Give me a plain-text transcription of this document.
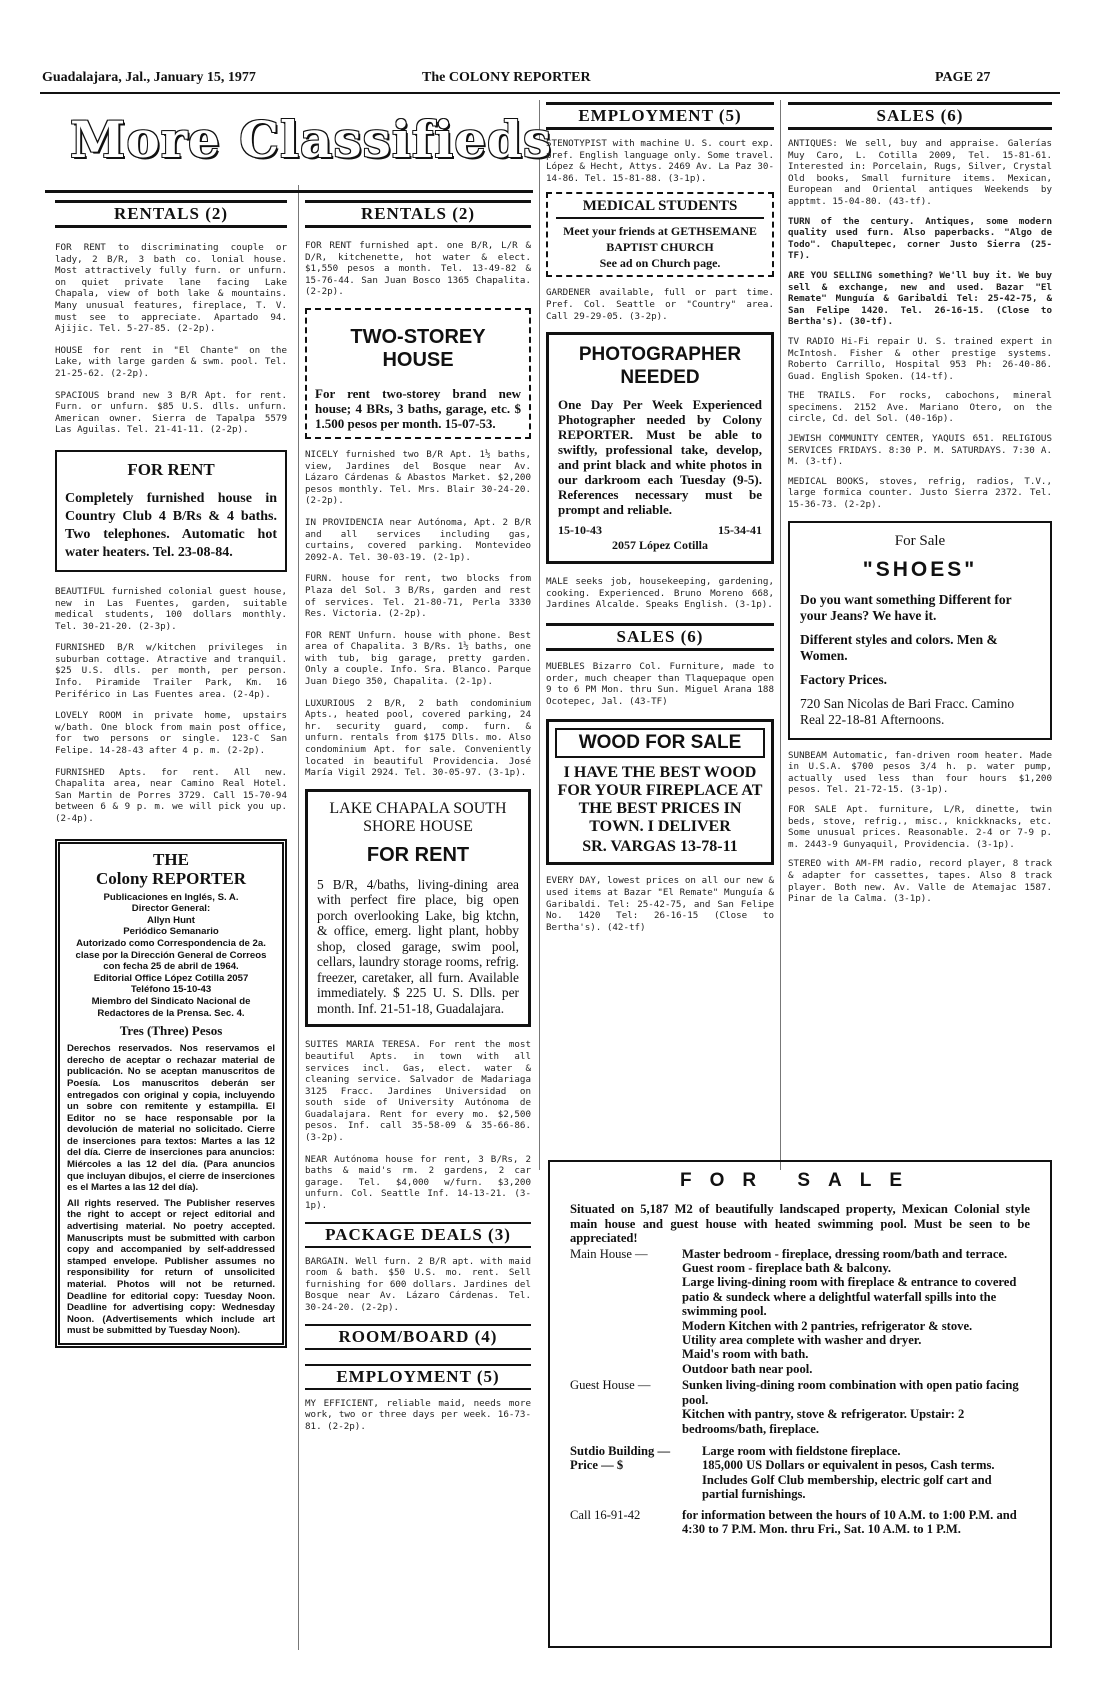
Guadalajara, Jal., January 15, 1977	The COLONY REPORTER	PAGE 27
More Classifieds
RENTALS (2)
FOR RENT to discriminating couple or lady, 2 B/R, 3 bath co. lonial house. Most attractively fully furn. or unfurn. on quiet private lane facing Lake Chapala, view of both lake & mountains. Many unusual features, fireplace, T. V. must see to appreciate. Apartado 94. Ajijic. Tel. 5-27-85. (2-2p).
HOUSE for rent in "El Chante" on the Lake, with large garden & swm. pool. Tel. 21-25-62. (2-2p).
SPACIOUS brand new 3 B/R Apt. for rent. Furn. or unfurn. $85 U.S. dlls. unfurn. American owner. Sierra de Tapalpa 5579 Las Aguilas. Tel. 21-41-11. (2-2p).
FOR RENT
Completely furnished house in Country Club 4 B/Rs & 4 baths. Two telephones. Automatic hot water heaters. Tel. 23-08-84.
BEAUTIFUL furnished colonial guest house, new in Las Fuentes, garden, suitable medical students, 100 dollars monthly. Tel. 30-21-20. (2-3p).
FURNISHED B/R w/kitchen privileges in suburban cottage. Atractive and tranquil. $25 U.S. dlls. per month, per person. Info. Piramide Trailer Park, Km. 16 Periférico in Las Fuentes area. (2-4p).
LOVELY ROOM in private home, upstairs w/bath. One block from main post office, for two persons or single. 123-C San Felipe. 14-28-43 after 4 p. m. (2-2p).
FURNISHED Apts. for rent. All new. Chapalita area, near Camino Real Hotel. San Martin de Porres 3729. Call 15-70-94 between 6 & 9 p. m. we will pick you up. (2-4p).
THE
Colony REPORTER
Publicaciones en Inglés, S. A.
Director General:
Allyn Hunt
Periódico Semanario
Autorizado como Correspondencia de 2a. clase por la Dirección General de Correos con fecha 25 de abril de 1964.
Editorial Office López Cotilla 2057
Teléfono 15-10-43
Miembro del Sindicato Nacional de Redactores de la Prensa. Sec. 4.
Tres (Three) Pesos
Derechos reservados. Nos reservamos el derecho de aceptar o rechazar material de publicación. No se aceptan manuscritos de Poesía. Los manuscritos deberán ser entregados con original y copia, incluyendo un sobre con remitente y estampilla. El Editor no se hace responsable por la devolución de material no solicitado. Cierre de inserciones para textos: Martes a las 12 del día. Cierre de inserciones para anuncios: Miércoles a las 12 del día. (Para anuncios que incluyan dibujos, el cierre de inserciones es el Martes a las 12 del día).
All rights reserved. The Publisher reserves the right to accept or reject editorial and advertising material. No poetry accepted. Manuscripts must be submitted with carbon copy and accompanied by self-addressed stamped envelope. Publisher assumes no responsibility for return of unsolicited material. Photos will not be returned. Deadline for editorial copy: Tuesday Noon. Deadline for advertising copy: Wednesday Noon. (Advertisements which include art must be submitted by Tuesday Noon).
RENTALS (2)
FOR RENT furnished apt. one B/R, L/R & D/R, kitchenette, hot water & elect. $1,550 pesos a month. Tel. 13-49-82 & 15-76-44. San Juan Bosco 1365 Chapalita. (2-2p).
TWO-STOREY HOUSE
For rent two-storey brand new house; 4 BRs, 3 baths, garage, etc. $ 1.500 pesos per month. 15-07-53.
NICELY furnished two B/R Apt. 1½ baths, view, Jardines del Bosque near Av. Lázaro Cárdenas & Abastos Market. $2,200 pesos monthly. Tel. Mrs. Blair 30-24-20. (2-2p).
IN PROVIDENCIA near Autónoma, Apt. 2 B/R and all services including gas, curtains, covered parking. Montevideo 2092-A. Tel. 30-03-19. (2-1p).
FURN. house for rent, two blocks from Plaza del Sol. 3 B/Rs, garden and rest of services. Tel. 21-80-71, Perla 3330 Res. Victoria. (2-2p).
FOR RENT Unfurn. house with phone. Best area of Chapalita. 3 B/Rs. 1½ baths, one with tub, big garage, pretty garden. Only a couple. Info. Sra. Blanco. Parque Juan Diego 350, Chapalita. (2-1p).
LUXURIOUS 2 B/R, 2 bath condominium Apts., heated pool, covered parking, 24 hr. security guard, comp. furn. & unfurn. rentals from $175 Dlls. mo. Also condominium Apt. for sale. Conveniently located in beautiful Providencia. José María Vigil 2924. Tel. 30-05-97. (3-1p).
LAKE CHAPALA SOUTH SHORE HOUSE
FOR RENT
5 B/R, 4/baths, living-dining area with perfect fire place, big open porch overlooking Lake, big ktchn, & office, emerg. light plant, hobby shop, closed garage, swim pool, cellars, laundry storage rooms, refrig. freezer, caretaker, all furn. Available immediately. $ 225 U. S. Dlls. per month. Inf. 21-51-18, Guadalajara.
SUITES MARIA TERESA. For rent the most beautiful Apts. in town with all services incl. Gas, elect. water & cleaning service. Salvador de Madariaga 3125 Fracc. Jardines Universidad on south side of University Autónoma de Guadalajara. Rent for every mo. $2,500 pesos. Inf. call 35-58-09 & 35-66-86. (3-2p).
NEAR Autónoma house for rent, 3 B/Rs, 2 baths & maid's rm. 2 gardens, 2 car garage. Tel. $4,000 w/furn. $3,200 unfurn. Col. Seattle Inf. 14-13-21. (3-1p).
PACKAGE DEALS (3)
BARGAIN. Well furn. 2 B/R apt. with maid room & bath. $50 U.S. mo. rent. Sell furnishing for 600 dollars. Jardines del Bosque near Av. Lázaro Cárdenas. Tel. 30-24-20. (2-2p).
ROOM/BOARD (4)
EMPLOYMENT (5)
MY EFFICIENT, reliable maid, needs more work, two or three days per week. 16-73-81. (2-2p).
EMPLOYMENT (5)
STENOTYPIST with machine U. S. court exp. pref. English language only. Some travel. López & Hecht, Attys. 2469 Av. La Paz 30-14-86. Tel. 15-81-88. (3-1p).
MEDICAL STUDENTS
Meet your friends at GETHSEMANE BAPTIST CHURCH
See ad on Church page.
GARDENER available, full or part time. Pref. Col. Seattle or "Country" area. Call 29-29-05. (3-2p).
PHOTOGRAPHER NEEDED
One Day Per Week Experienced Photographer needed by Colony REPORTER. Must be able to swiftly, professional take, develop, and print black and white photos in our darkroom each Tuesday (9-5). References necessary must be prompt and reliable.
15-10-43	15-34-41
2057 López Cotilla
MALE seeks job, housekeeping, gardening, cooking. Experienced. Bruno Moreno 668, Jardines Alcalde. Speaks English. (3-1p).
SALES (6)
MUEBLES Bizarro Col. Furniture, made to order, much cheaper than Tlaquepaque open 9 to 6 PM Mon. thru Sun. Miguel Arana 188 Ocotepec, Jal. (43-TF)
WOOD FOR SALE
I HAVE THE BEST WOOD FOR YOUR FIREPLACE AT THE BEST PRICES IN TOWN. I DELIVER
SR. VARGAS 13-78-11
EVERY DAY, lowest prices on all our new & used items at Bazar "El Remate" Munguía & Garibaldi. Tel: 25-42-75, and San Felipe No. 1420 Tel: 26-16-15 (Close to Bertha's). (42-tf)
SALES (6)
ANTIQUES: We sell, buy and appraise. Galerías Muy Caro, L. Cotilla 2009, Tel. 15-81-61. Interested in: Porcelain, Rugs, Silver, Crystal Old books, Small furniture items. Mexican, European and Oriental antiques Weekends by apptmt. 15-04-80. (43-tf).
TURN of the century. Antiques, some modern quality used furn. Also paperbacks. "Algo de Todo". Chapultepec, corner Justo Sierra (25-TF).
ARE YOU SELLING something? We'll buy it. We buy sell & exchange, new and used. Bazar "El Remate" Munguía & Garibaldi Tel: 25-42-75, & San Felipe 1420. Tel. 26-16-15. (Close to Bertha's). (30-tf).
TV RADIO Hi-Fi repair U. S. trained expert in McIntosh. Fisher & other prestige systems. Roberto Carrillo, Hospital 953 Ph: 26-40-86. Guad. English Spoken. (14-tf).
THE TRAILS. For rocks, cabochons, mineral specimens. 2152 Ave. Mariano Otero, on the circle, Cd. del Sol. (40-16p).
JEWISH COMMUNITY CENTER, YAQUIS 651. RELIGIOUS SERVICES FRIDAYS. 8:30 P. M. SATURDAYS. 7:30 A. M. (3-tf).
MEDICAL BOOKS, stoves, refrig, radios, T.V., large formica counter. Justo Sierra 2372. Tel. 15-36-73. (2-2p).
For Sale
"SHOES"
Do you want something Different for your Jeans? We have it.
Different styles and colors. Men & Women.
Factory Prices.
720 San Nicolas de Bari Fracc. Camino Real 22-18-81 Afternoons.
SUNBEAM Automatic, fan-driven room heater. Made in U.S.A. $700 pesos 3/4 h. p. water pump, actually used less than four hours $1,200 pesos. Tel. 21-72-15. (3-1p).
FOR SALE Apt. furniture, L/R, dinette, twin beds, stove, refrig., misc., knickknacks, etc. Some unusual prices. Reasonable. 2-4 or 7-9 p. m. 2443-9 Gunyaquil, Providencia. (3-1p).
STEREO with AM-FM radio, record player, 8 track & adapter for cassettes, tapes. Also 8 track player. Both new. Av. Valle de Atemajac 1587. Pinar de la Calma. (3-1p).
FOR SALE
Situated on 5,187 M2 of beautifully landscaped property, Mexican Colonial style main house and guest house with heated swimming pool. Must be seen to be appreciated!
Main House —	Master bedroom - fireplace, dressing room/bath and terrace.
Guest room - fireplace bath & balcony.
Large living-dining room with fireplace & entrance to covered patio & sundeck where a delightful waterfall spills into the swimming pool.
Modern Kitchen with 2 pantries, refrigerator & stove.
Utility area complete with washer and dryer.
Maid's room with bath.
Outdoor bath near pool.
Guest House —	Sunken living-dining room combination with open patio facing pool.
Kitchen with pantry, stove & refrigerator. Upstair: 2 bedrooms/bath, fireplace.
Sutdio Building —	Large room with fieldstone fireplace.
Price — $	185,000 US Dollars or equivalent in pesos, Cash terms. Includes Golf Club membership, electric golf cart and partial furnishings.
Call 16-91-42	for information between the hours of 10 A.M. to 1:00 P.M. and 4:30 to 7 P.M. Mon. thru Fri., Sat. 10 A.M. to 1 P.M.
